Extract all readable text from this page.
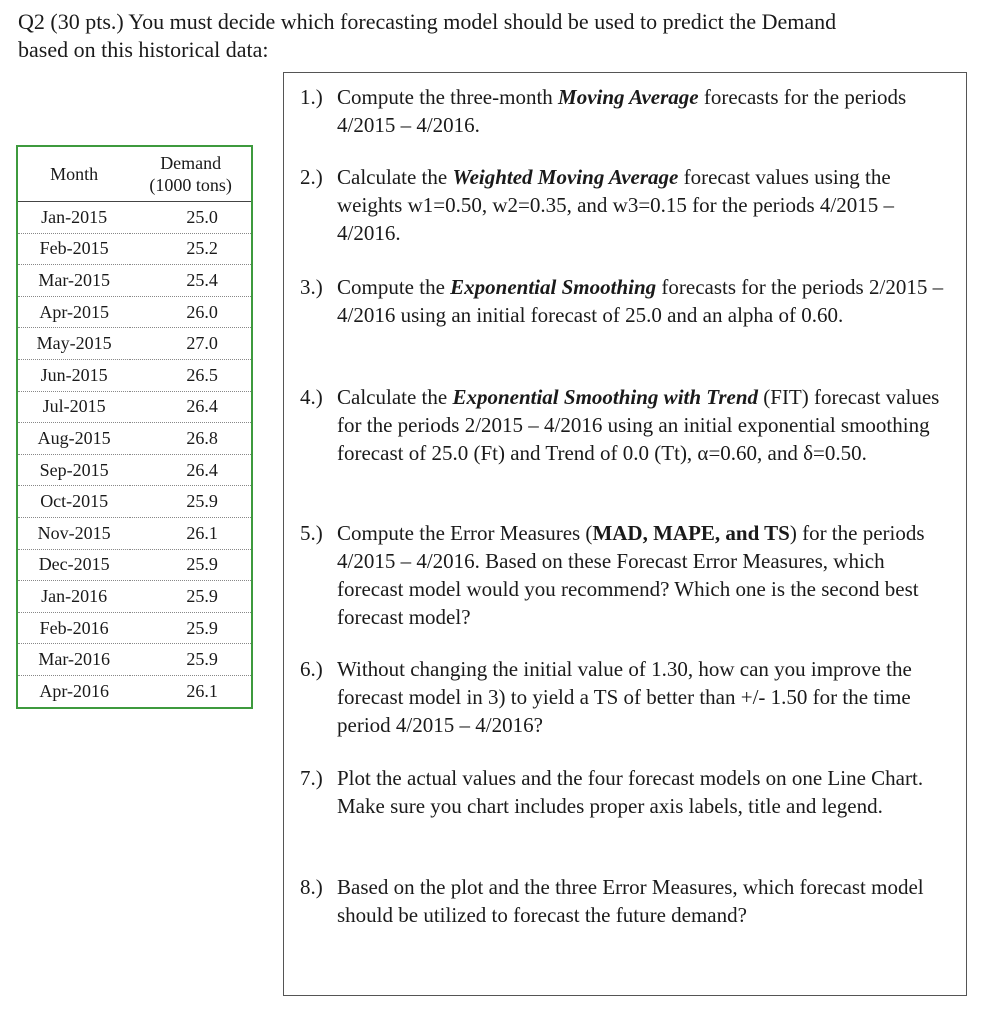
Q2 (30 pts.) You must decide which forecasting model should be used to predict the Demand
based on this historical data:
Month	Demand
(1000 tons)
Jan-2015	25.0
Feb-2015	25.2
Mar-2015	25.4
Apr-2015	26.0
May-2015	27.0
Jun-2015	26.5
Jul-2015	26.4
Aug-2015	26.8
Sep-2015	26.4
Oct-2015	25.9
Nov-2015	26.1
Dec-2015	25.9
Jan-2016	25.9
Feb-2016	25.9
Mar-2016	25.9
Apr-2016	26.1
1.) Compute the three-month Moving Average forecasts for the periods 4/2015 – 4/2016.
2.) Calculate the Weighted Moving Average forecast values using the weights w1=0.50, w2=0.35, and w3=0.15 for the periods 4/2015 – 4/2016.
3.) Compute the Exponential Smoothing forecasts for the periods 2/2015 – 4/2016 using an initial forecast of 25.0 and an alpha of 0.60.
4.) Calculate the Exponential Smoothing with Trend (FIT) forecast values for the periods 2/2015 – 4/2016 using an initial exponential smoothing forecast of 25.0 (Ft) and Trend of 0.0 (Tt), α=0.60, and δ=0.50.
5.) Compute the Error Measures (MAD, MAPE, and TS) for the periods 4/2015 – 4/2016. Based on these Forecast Error Measures, which forecast model would you recommend? Which one is the second best forecast model?
6.) Without changing the initial value of 1.30, how can you improve the forecast model in 3) to yield a TS of better than +/- 1.50 for the time period 4/2015 – 4/2016?
7.) Plot the actual values and the four forecast models on one Line Chart. Make sure you chart includes proper axis labels, title and legend.
8.) Based on the plot and the three Error Measures, which forecast model should be utilized to forecast the future demand?
